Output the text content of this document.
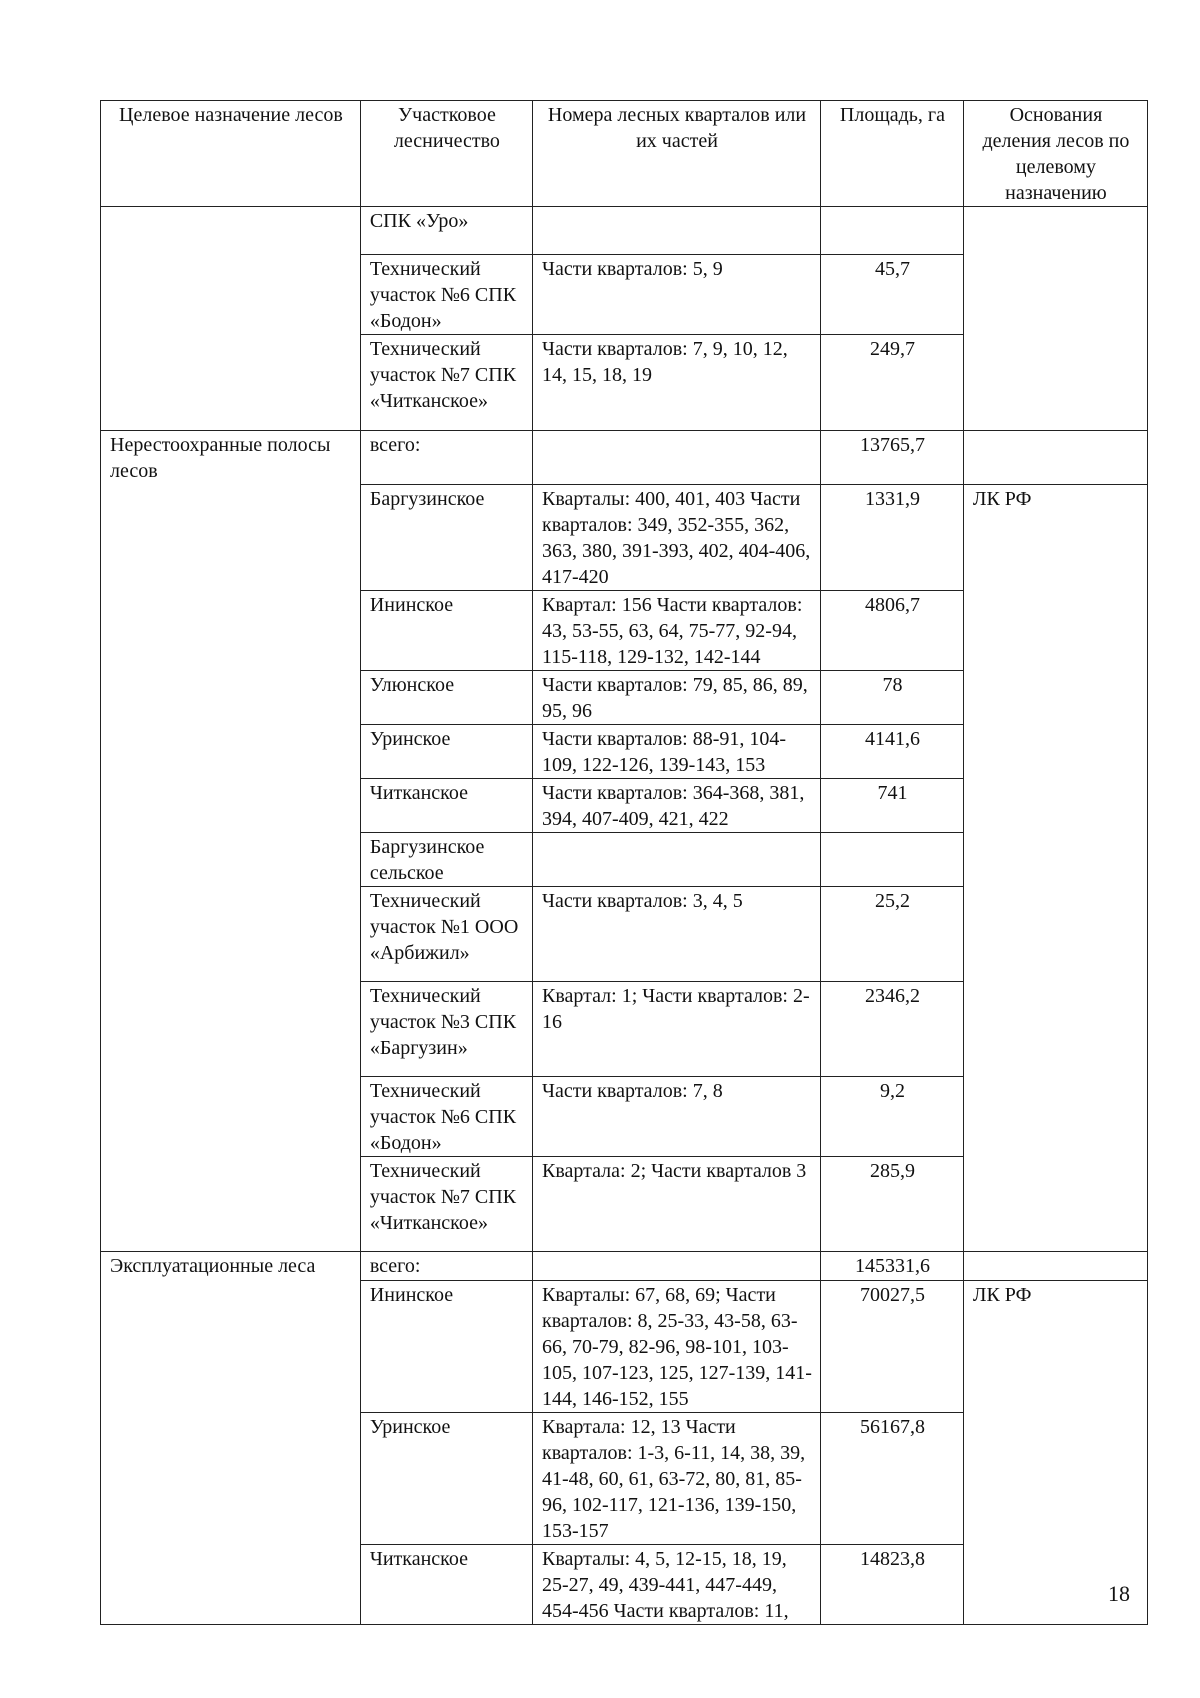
Целевое назначение лесов	Участковое лесничество	Номера лесных кварталов или их частей	Площадь, га	Основания деления лесов по целевому назначению
	СПК «Уро»			
	Технический участок №6 СПК «Бодон»	Части кварталов: 5, 9	45,7	
	Технический участок №7 СПК «Читканское»	Части кварталов: 7, 9, 10, 12, 14, 15, 18, 19	249,7	
Нерестоохранные полосы лесов	всего:		13765,7	
	Баргузинское	Кварталы: 400, 401, 403 Части кварталов: 349, 352-355, 362, 363, 380, 391-393, 402, 404-406, 417-420	1331,9	ЛК РФ
	Ининское	Квартал: 156 Части кварталов: 43, 53-55, 63, 64, 75-77, 92-94, 115-118, 129-132, 142-144	4806,7	
	Улюнское	Части кварталов: 79, 85, 86, 89, 95, 96	78	
	Уринское	Части кварталов: 88-91, 104-109, 122-126, 139-143, 153	4141,6	
	Читканское	Части кварталов: 364-368, 381, 394, 407-409, 421, 422	741	
	Баргузинское сельское			
	Технический участок №1 ООО «Арбижил»	Части кварталов: 3, 4, 5	25,2	
	Технический участок №3 СПК «Баргузин»	Квартал: 1; Части кварталов: 2-16	2346,2	
	Технический участок №6 СПК «Бодон»	Части кварталов: 7, 8	9,2	
	Технический участок №7 СПК «Читканское»	Квартала: 2; Части кварталов 3	285,9	
Эксплуатационные леса	всего:		145331,6	
	Ининское	Кварталы: 67, 68, 69; Части кварталов: 8, 25-33, 43-58, 63-66, 70-79, 82-96, 98-101, 103-105, 107-123, 125, 127-139, 141-144, 146-152, 155	70027,5	ЛК РФ
	Уринское	Квартала: 12, 13 Части кварталов: 1-3, 6-11, 14, 38, 39, 41-48, 60, 61, 63-72, 80, 81, 85-96, 102-117, 121-136, 139-150, 153-157	56167,8	
	Читканское	Кварталы: 4, 5, 12-15, 18, 19, 25-27, 49, 439-441, 447-449, 454-456 Части кварталов: 11,	14823,8	
18
